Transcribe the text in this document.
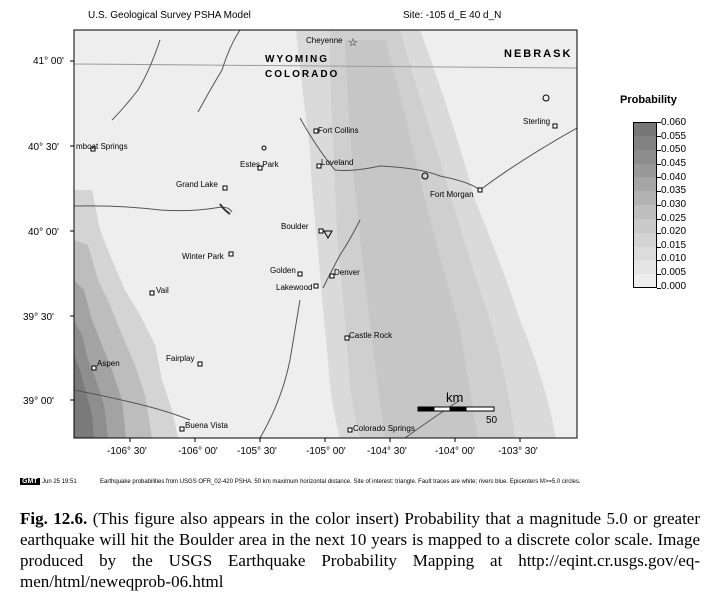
U.S. Geological Survey PSHA Model	Site: -105 d_E 40 d_N
41° 00'
40° 30'
40° 00'
39° 30'
39° 00'
-106° 30'	-106° 00' -105° 30'	-105° 00' -104° 30'	-104° 00' -103° 30'
☆
WYOMING
COLORADO
NEBRASK
Cheyenne
Fort Collins
Estes Park	Loveland
Sterling
Fort Morgan
Grand Lake
Boulder
Winter Park
Golden	Denver
Lakewood
Castle Rock
Vail
Aspen
Fairplay
Buena Vista	Colorado Springs
mboat Springs
km
50
Probability
0.060
0.055
0.050
0.045
0.040
0.035
0.030
0.025
0.020
0.015
0.010
0.005
0.000
GMT Jun 25 19:51	Earthquake probabilities from USGS OFR_02-420 PSHA. 50 km maximum horizontal distance. Site of interest: triangle. Fault traces are white; rivers blue. Epicenters M>=5.0 circles.
Fig. 12.6. (This figure also appears in the color insert) Probability that a magnitude 5.0 or greater earthquake will hit the Boulder area in the next 10 years is mapped to a discrete color scale. Image produced by the USGS Earthquake Probability Mapping at http://eqint.cr.usgs.gov/eq-men/html/neweqprob-06.html
